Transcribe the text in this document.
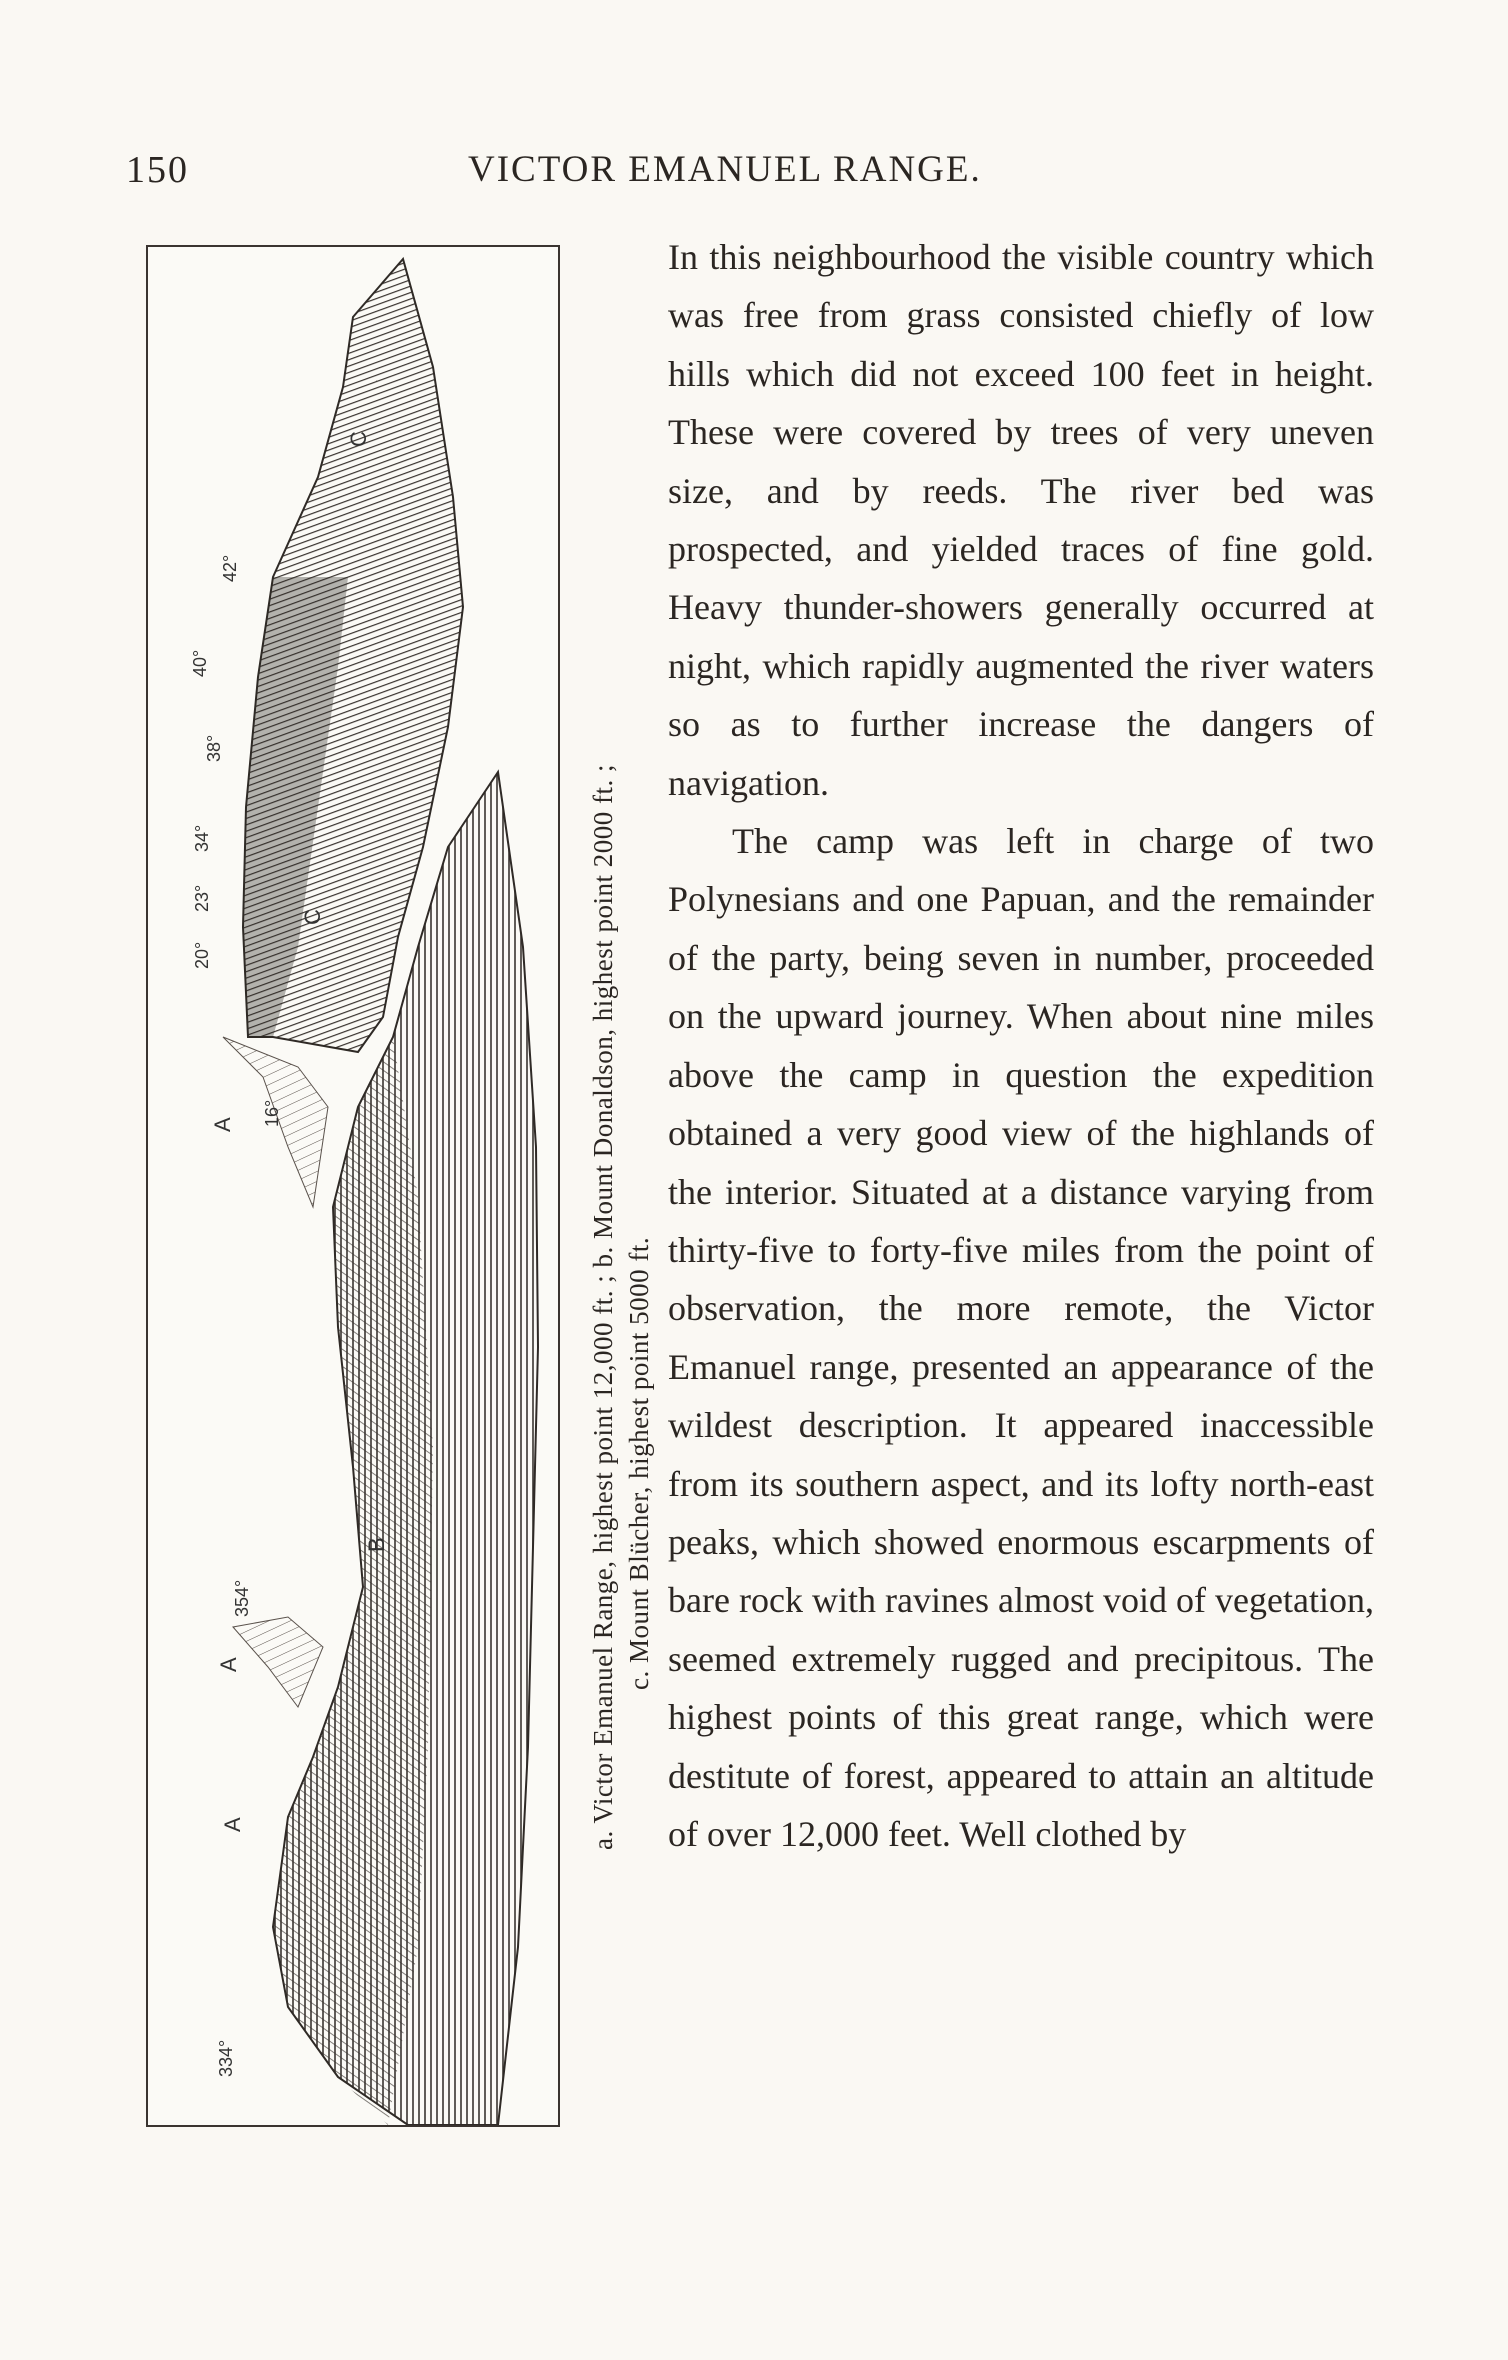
150	VICTOR EMANUEL RANGE.
42°
40°
38°
34°
23°
20°
16°
354°
334°
A
A
A
B
C
C
a. Victor Emanuel Range, highest point 12,000 ft. ; b. Mount Donaldson, highest point 2000 ft. ; c. Mount Blücher, highest point 5000 ft.

In this neighbourhood the visible country which was free from grass consisted chiefly of low hills which did not exceed 100 feet in height. These were covered by trees of very uneven size, and by reeds. The river bed was prospected, and yielded traces of fine gold. Heavy thunder-showers generally occurred at night, which rapidly augmented the river waters so as to further increase the dangers of navigation.

The camp was left in charge of two Polynesians and one Papuan, and the remainder of the party, being seven in number, proceeded on the upward journey. When about nine miles above the camp in question the expedition obtained a very good view of the highlands of the interior. Situated at a distance varying from thirty-five to forty-five miles from the point of observation, the more remote, the Victor Emanuel range, presented an appearance of the wildest description. It appeared inaccessible from its southern aspect, and its lofty north-east peaks, which showed enormous escarpments of bare rock with ravines almost void of vegetation, seemed extremely rugged and precipitous. The highest points of this great range, which were destitute of forest, appeared to attain an altitude of over 12,000 feet. Well clothed by
